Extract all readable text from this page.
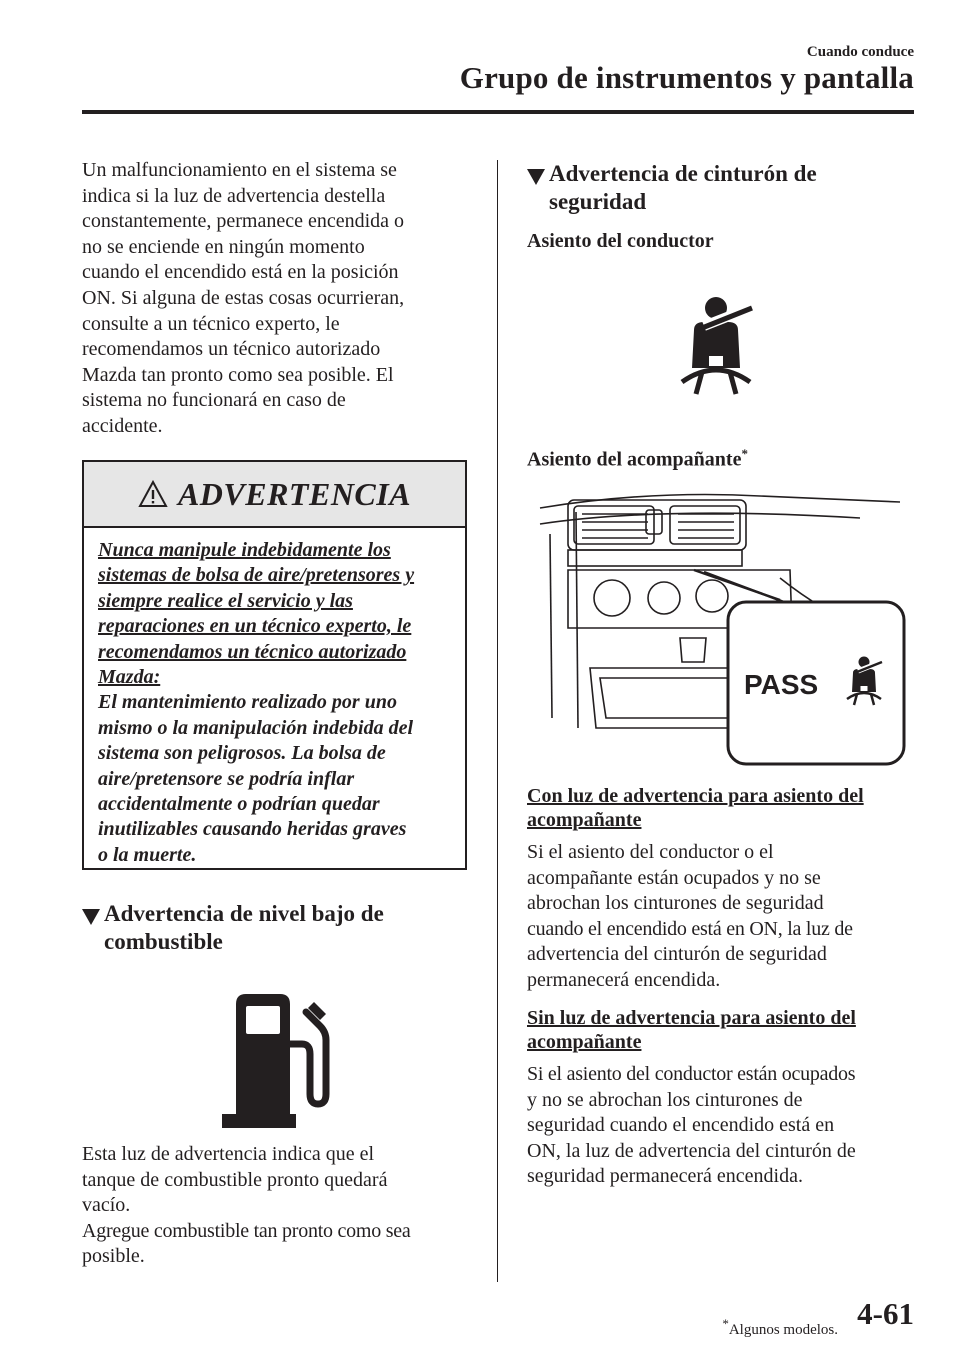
Cuando conduce
Grupo de instrumentos y pantalla

Un malfuncionamiento en el sistema se
indica si la luz de advertencia destella
constantemente, permanece encendida o
no se enciende en ningún momento
cuando el encendido está en la posición
ON. Si alguna de estas cosas ocurrieran,
consulte a un técnico experto, le
recomendamos un técnico autorizado
Mazda tan pronto como sea posible. El
sistema no funcionará en caso de
accidente.

ADVERTENCIA
Nunca manipule indebidamente los
sistemas de bolsa de aire/pretensores y
siempre realice el servicio y las
reparaciones en un técnico experto, le
recomendamos un técnico autorizado
Mazda:
El mantenimiento realizado por uno
mismo o la manipulación indebida del
sistema son peligrosos. La bolsa de
aire/pretensore se podría inflar
accidentalmente o podrían quedar
inutilizables causando heridas graves
o la muerte.
Advertencia de nivel bajo de
combustible

Esta luz de advertencia indica que el
tanque de combustible pronto quedará
vacío.
Agregue combustible tan pronto como sea
posible.

Advertencia de cinturón de
seguridad
Asiento del conductor
Asiento del acompañante*
PASS
Con luz de advertencia para asiento del
acompañante

Si el asiento del conductor o el
acompañante están ocupados y no se
abrochan los cinturones de seguridad
cuando el encendido está en ON, la luz de
advertencia del cinturón de seguridad
permanecerá encendida.

Sin luz de advertencia para asiento del
acompañante

Si el asiento del conductor están ocupados
y no se abrochan los cinturones de
seguridad cuando el encendido está en
ON, la luz de advertencia del cinturón de
seguridad permanecerá encendida.

*Algunos modelos. 4-61
